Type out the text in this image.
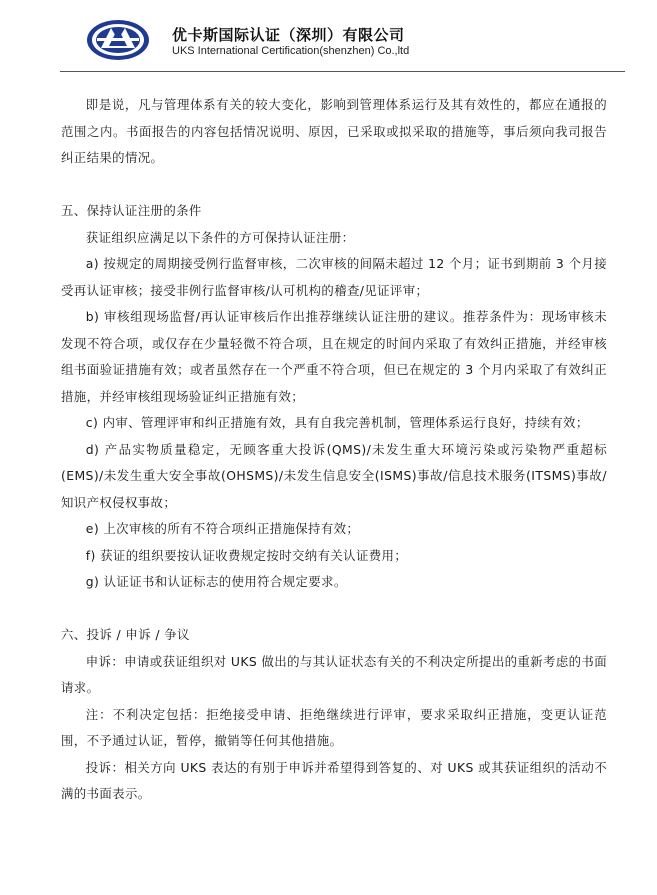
优卡斯国际认证（深圳）有限公司
UKS International Certification(shenzhen) Co.,ltd

即是说，凡与管理体系有关的较大变化，影响到管理体系运行及其有效性的，都应在通报的范围之内。书面报告的内容包括情况说明、原因，已采取或拟采取的措施等，事后须向我司报告纠正结果的情况。

五、保持认证注册的条件

获证组织应满足以下条件的方可保持认证注册：

a) 按规定的周期接受例行监督审核，二次审核的间隔未超过 12 个月；证书到期前 3 个月接受再认证审核；接受非例行监督审核/认可机构的稽查/见证评审；

b) 审核组现场监督/再认证审核后作出推荐继续认证注册的建议。推荐条件为：现场审核未发现不符合项，或仅存在少量轻微不符合项，且在规定的时间内采取了有效纠正措施，并经审核组书面验证措施有效；或者虽然存在一个严重不符合项，但已在规定的 3 个月内采取了有效纠正措施，并经审核组现场验证纠正措施有效；

c) 内审、管理评审和纠正措施有效，具有自我完善机制，管理体系运行良好，持续有效；

d) 产品实物质量稳定，无顾客重大投诉(QMS)/未发生重大环境污染或污染物严重超标(EMS)/未发生重大安全事故(OHSMS)/未发生信息安全(ISMS)事故/信息技术服务(ITSMS)事故/知识产权侵权事故；

e) 上次审核的所有不符合项纠正措施保持有效；

f) 获证的组织要按认证收费规定按时交纳有关认证费用；

g) 认证证书和认证标志的使用符合规定要求。

六、投诉 / 申诉 / 争议

申诉：申请或获证组织对 UKS 做出的与其认证状态有关的不利决定所提出的重新考虑的书面请求。

注：不利决定包括：拒绝接受申请、拒绝继续进行评审，要求采取纠正措施，变更认证范围，不予通过认证，暂停，撤销等任何其他措施。

投诉：相关方向 UKS 表达的有别于申诉并希望得到答复的、对 UKS 或其获证组织的活动不满的书面表示。
